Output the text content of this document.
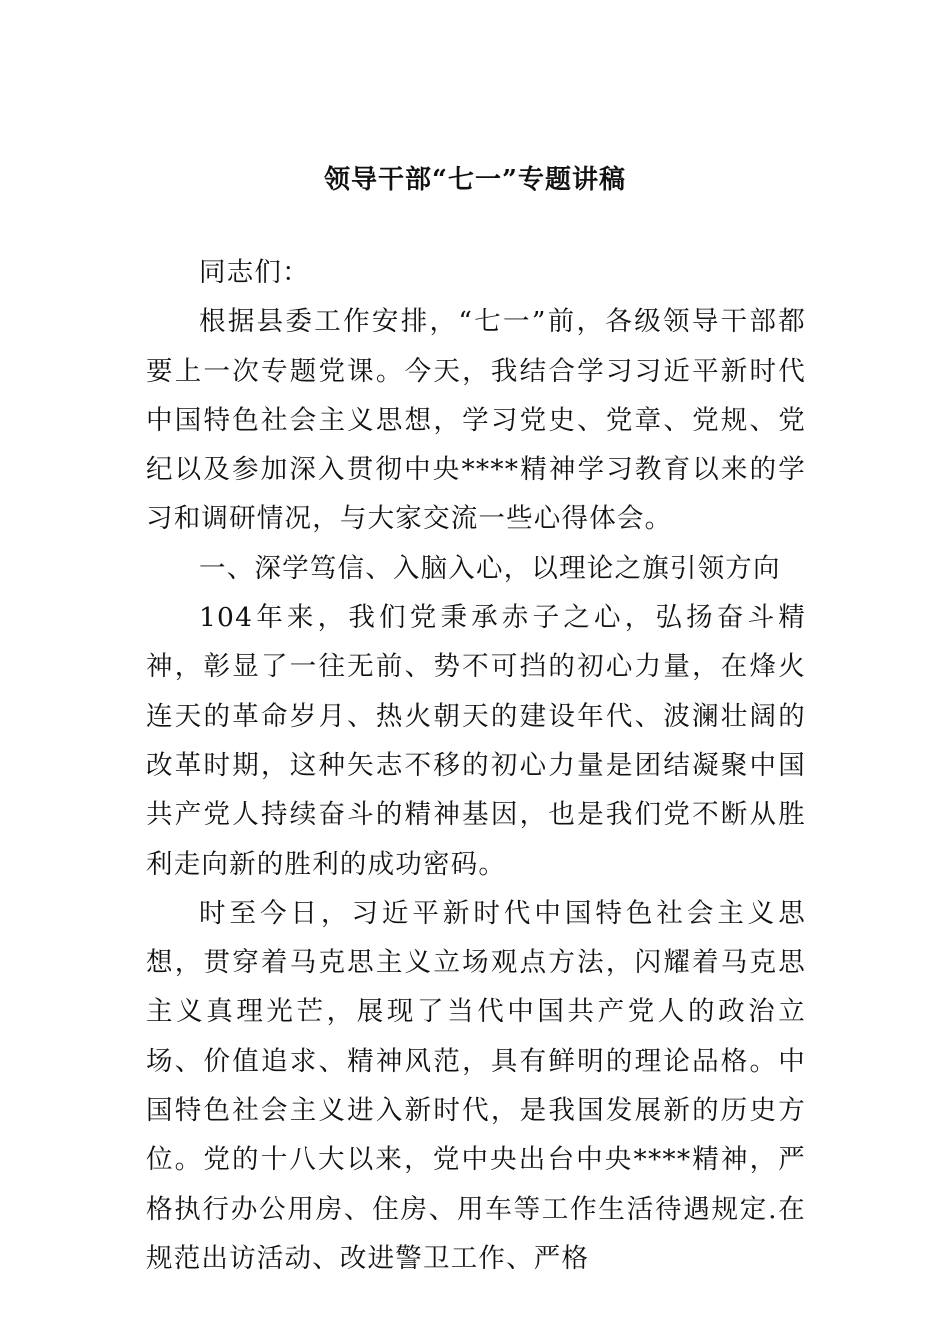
领导干部“七一”专题讲稿

同志们：

根据县委工作安排，“七一”前，各级领导干部都要上一次专题党课。今天，我结合学习习近平新时代中国特色社会主义思想，学习党史、党章、党规、党纪以及参加深入贯彻中央****精神学习教育以来的学习和调研情况，与大家交流一些心得体会。

一、深学笃信、入脑入心，以理论之旗引领方向

104年来，我们党秉承赤子之心，弘扬奋斗精神，彰显了一往无前、势不可挡的初心力量，在烽火连天的革命岁月、热火朝天的建设年代、波澜壮阔的改革时期，这种矢志不移的初心力量是团结凝聚中国共产党人持续奋斗的精神基因，也是我们党不断从胜利走向新的胜利的成功密码。

时至今日，习近平新时代中国特色社会主义思想，贯穿着马克思主义立场观点方法，闪耀着马克思主义真理光芒，展现了当代中国共产党人的政治立场、价值追求、精神风范，具有鲜明的理论品格。中国特色社会主义进入新时代，是我国发展新的历史方位。党的十八大以来，党中央出台中央****精神，严格执行办公用房、住房、用车等工作生活待遇规定.在规范出访活动、改进警卫工作、严格
